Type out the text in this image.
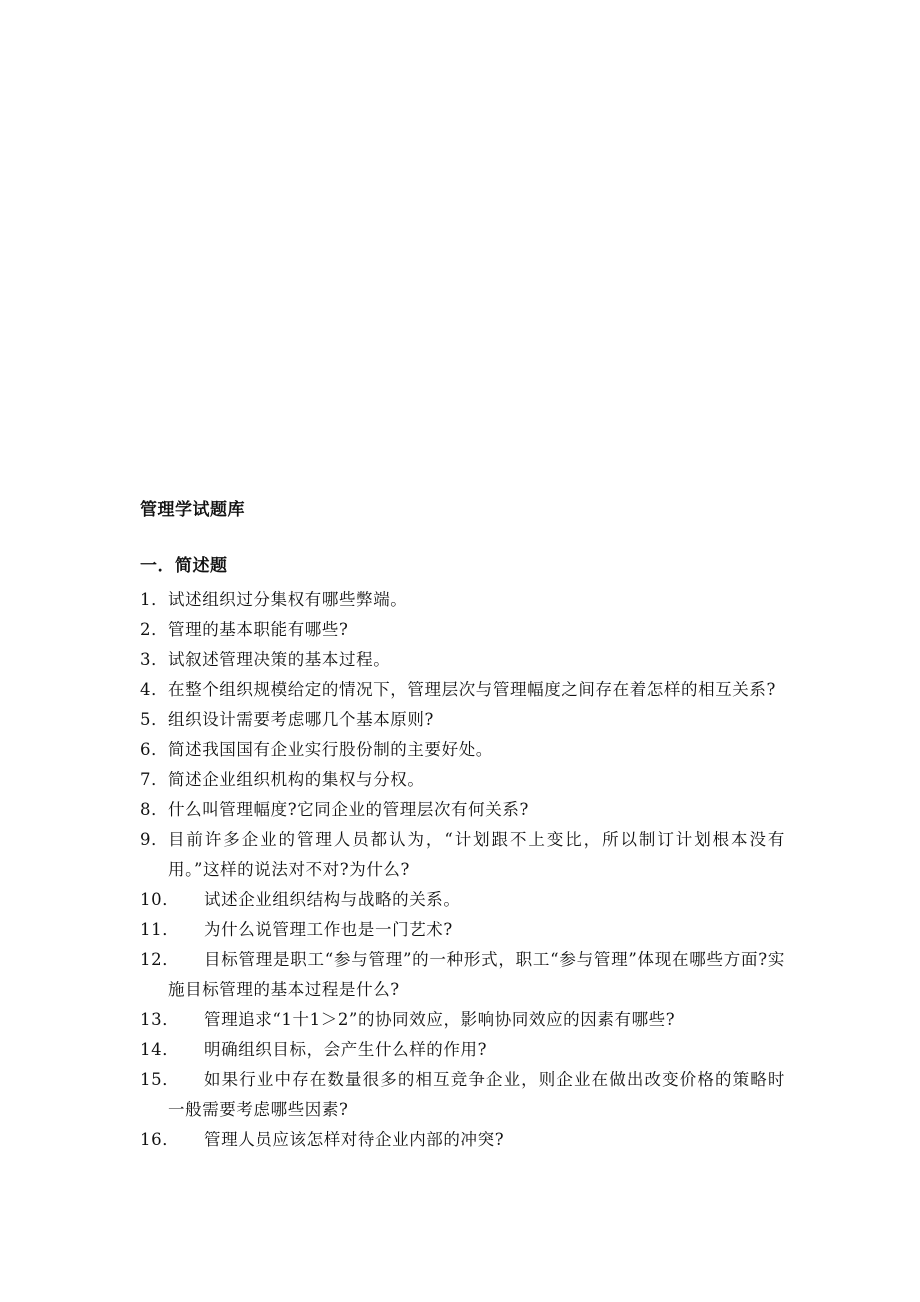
管理学试题库
一．简述题
1． 试述组织过分集权有哪些弊端。
2． 管理的基本职能有哪些?
3． 试叙述管理决策的基本过程。
4． 在整个组织规模给定的情况下，管理层次与管理幅度之间存在着怎样的相互关系?
5． 组织设计需要考虑哪几个基本原则?
6． 简述我国国有企业实行股份制的主要好处。
7． 简述企业组织机构的集权与分权。
8． 什么叫管理幅度?它同企业的管理层次有何关系?
9． 目前许多企业的管理人员都认为，“计划跟不上变比，所以制订计划根本没有用。”这样的说法对不对?为什么?
10．	试述企业组织结构与战略的关系。
11．	为什么说管理工作也是一门艺术?
12．	目标管理是职工“参与管理”的一种形式，职工“参与管理”体现在哪些方面?实施目标管理的基本过程是什么?
13．	管理追求“1十1＞2”的协同效应，影响协同效应的因素有哪些?
14．	明确组织目标，会产生什么样的作用?
15．	如果行业中存在数量很多的相互竞争企业，则企业在做出改变价格的策略时一般需要考虑哪些因素?
16．	管理人员应该怎样对待企业内部的冲突?
